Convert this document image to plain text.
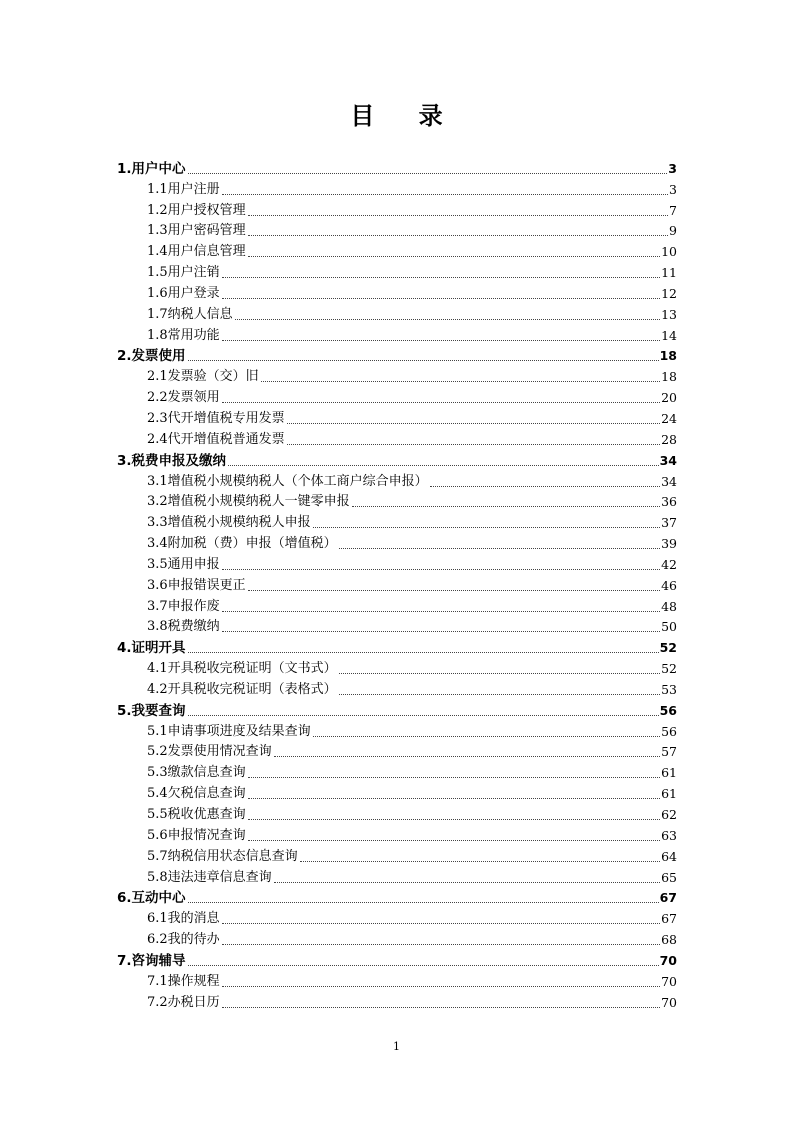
目 录
1.用户中心	3
1.1用户注册	3
1.2用户授权管理	7
1.3用户密码管理	9
1.4用户信息管理	10
1.5用户注销	11
1.6用户登录	12
1.7纳税人信息	13
1.8常用功能	14
2.发票使用	18
2.1发票验（交）旧	18
2.2发票领用	20
2.3代开增值税专用发票	24
2.4代开增值税普通发票	28
3.税费申报及缴纳	34
3.1增值税小规模纳税人（个体工商户综合申报）	34
3.2增值税小规模纳税人一键零申报	36
3.3增值税小规模纳税人申报	37
3.4附加税（费）申报（增值税）	39
3.5通用申报	42
3.6申报错误更正	46
3.7申报作废	48
3.8税费缴纳	50
4.证明开具	52
4.1开具税收完税证明（文书式）	52
4.2开具税收完税证明（表格式）	53
5.我要查询	56
5.1申请事项进度及结果查询	56
5.2发票使用情况查询	57
5.3缴款信息查询	61
5.4欠税信息查询	61
5.5税收优惠查询	62
5.6申报情况查询	63
5.7纳税信用状态信息查询	64
5.8违法违章信息查询	65
6.互动中心	67
6.1我的消息	67
6.2我的待办	68
7.咨询辅导	70
7.1操作规程	70
7.2办税日历	70
1
